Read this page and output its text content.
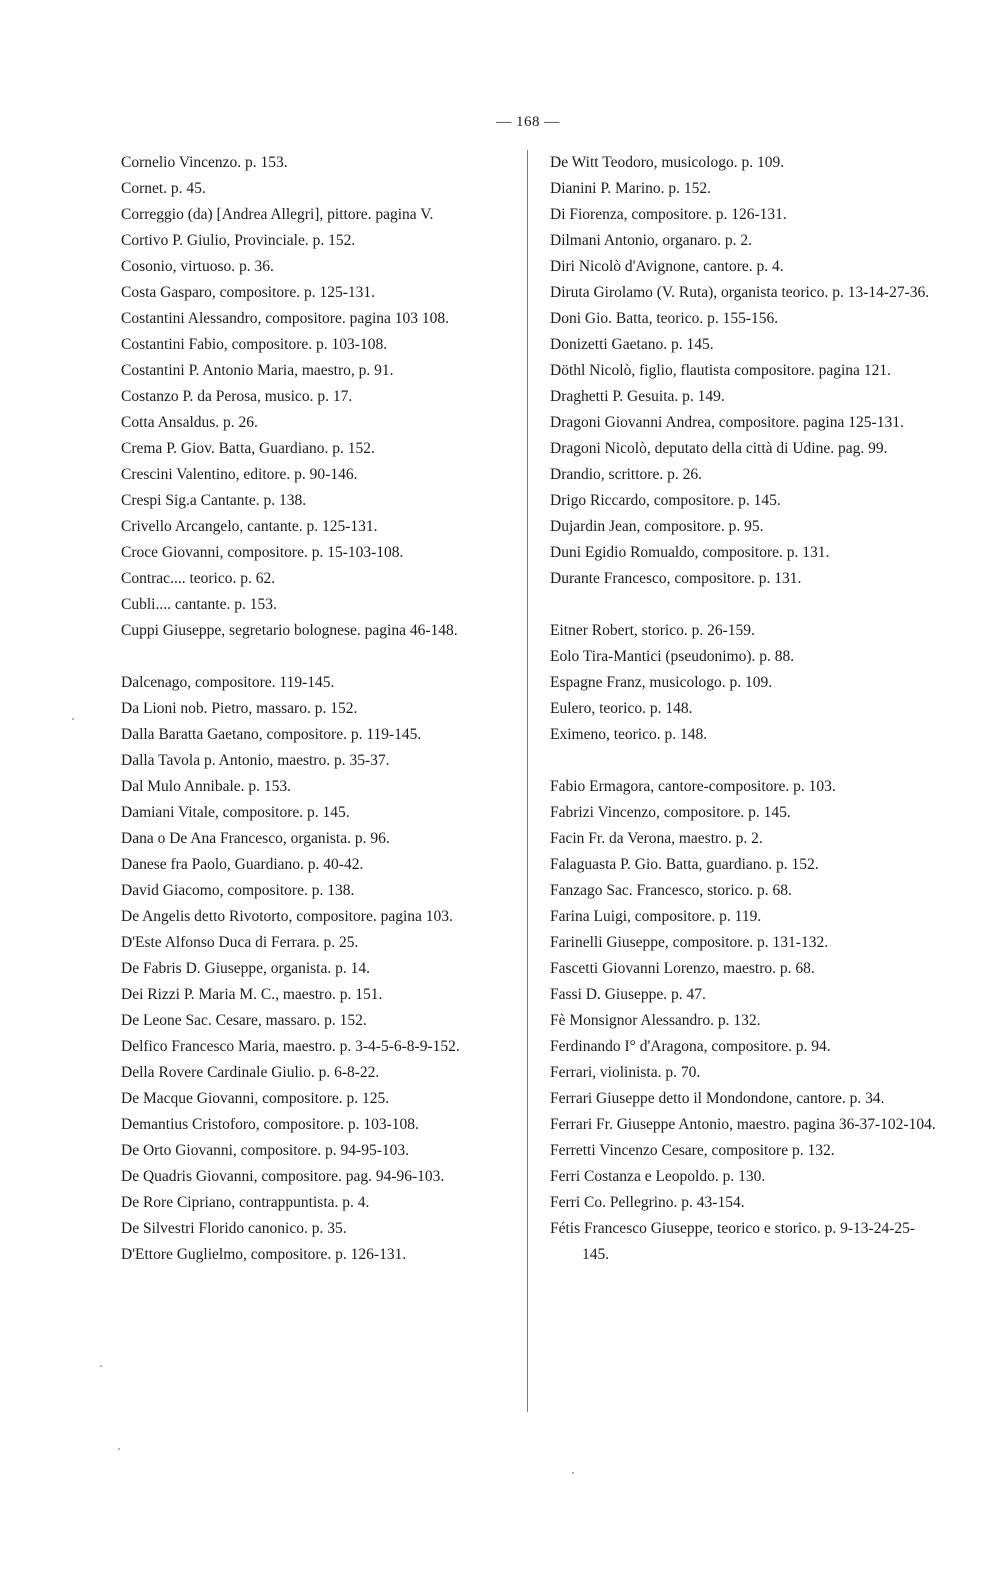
— 168 —

Cornelio Vincenzo. p. 153.

Cornet. p. 45.

Correggio (da) [Andrea Allegri], pittore. pagina V.

Cortivo P. Giulio, Provinciale. p. 152.

Cosonio, virtuoso. p. 36.

Costa Gasparo, compositore. p. 125-131.

Costantini Alessandro, compositore. pagina 103 108.

Costantini Fabio, compositore. p. 103-108.

Costantini P. Antonio Maria, maestro, p. 91.

Costanzo P. da Perosa, musico. p. 17.

Cotta Ansaldus. p. 26.

Crema P. Giov. Batta, Guardiano. p. 152.

Crescini Valentino, editore. p. 90-146.

Crespi Sig.a Cantante. p. 138.

Crivello Arcangelo, cantante. p. 125-131.

Croce Giovanni, compositore. p. 15-103-108.

Contrac.... teorico. p. 62.

Cubli.... cantante. p. 153.

Cuppi Giuseppe, segretario bolognese. pagina 46-148.

Dalcenago, compositore. 119-145.

Da Lioni nob. Pietro, massaro. p. 152.

Dalla Baratta Gaetano, compositore. p. 119-145.

Dalla Tavola p. Antonio, maestro. p. 35-37.

Dal Mulo Annibale. p. 153.

Damiani Vitale, compositore. p. 145.

Dana o De Ana Francesco, organista. p. 96.

Danese fra Paolo, Guardiano. p. 40-42.

David Giacomo, compositore. p. 138.

De Angelis detto Rivotorto, compositore. pagina 103.

D'Este Alfonso Duca di Ferrara. p. 25.

De Fabris D. Giuseppe, organista. p. 14.

Dei Rizzi P. Maria M. C., maestro. p. 151.

De Leone Sac. Cesare, massaro. p. 152.

Delfico Francesco Maria, maestro. p. 3-4-5-6-8-9-152.

Della Rovere Cardinale Giulio. p. 6-8-22.

De Macque Giovanni, compositore. p. 125.

Demantius Cristoforo, compositore. p. 103-108.

De Orto Giovanni, compositore. p. 94-95-103.

De Quadris Giovanni, compositore. pag. 94-96-103.

De Rore Cipriano, contrappuntista. p. 4.

De Silvestri Florido canonico. p. 35.

D'Ettore Guglielmo, compositore. p. 126-131.

De Witt Teodoro, musicologo. p. 109.

Dianini P. Marino. p. 152.

Di Fiorenza, compositore. p. 126-131.

Dilmani Antonio, organaro. p. 2.

Diri Nicolò d'Avignone, cantore. p. 4.

Diruta Girolamo (V. Ruta), organista teorico. p. 13-14-27-36.

Doni Gio. Batta, teorico. p. 155-156.

Donizetti Gaetano. p. 145.

Döthl Nicolò, figlio, flautista compositore. pagina 121.

Draghetti P. Gesuita. p. 149.

Dragoni Giovanni Andrea, compositore. pagina 125-131.

Dragoni Nicolò, deputato della città di Udine. pag. 99.

Drandio, scrittore. p. 26.

Drigo Riccardo, compositore. p. 145.

Dujardin Jean, compositore. p. 95.

Duni Egidio Romualdo, compositore. p. 131.

Durante Francesco, compositore. p. 131.

Eitner Robert, storico. p. 26-159.

Eolo Tira-Mantici (pseudonimo). p. 88.

Espagne Franz, musicologo. p. 109.

Eulero, teorico. p. 148.

Eximeno, teorico. p. 148.

Fabio Ermagora, cantore-compositore. p. 103.

Fabrizi Vincenzo, compositore. p. 145.

Facin Fr. da Verona, maestro. p. 2.

Falaguasta P. Gio. Batta, guardiano. p. 152.

Fanzago Sac. Francesco, storico. p. 68.

Farina Luigi, compositore. p. 119.

Farinelli Giuseppe, compositore. p. 131-132.

Fascetti Giovanni Lorenzo, maestro. p. 68.

Fassi D. Giuseppe. p. 47.

Fè Monsignor Alessandro. p. 132.

Ferdinando I° d'Aragona, compositore. p. 94.

Ferrari, violinista. p. 70.

Ferrari Giuseppe detto il Mondondone, cantore. p. 34.

Ferrari Fr. Giuseppe Antonio, maestro. pagina 36-37-102-104.

Ferretti Vincenzo Cesare, compositore p. 132.

Ferri Costanza e Leopoldo. p. 130.

Ferri Co. Pellegrino. p. 43-154.

Fétis Francesco Giuseppe, teorico e storico. p. 9-13-24-25-145.
